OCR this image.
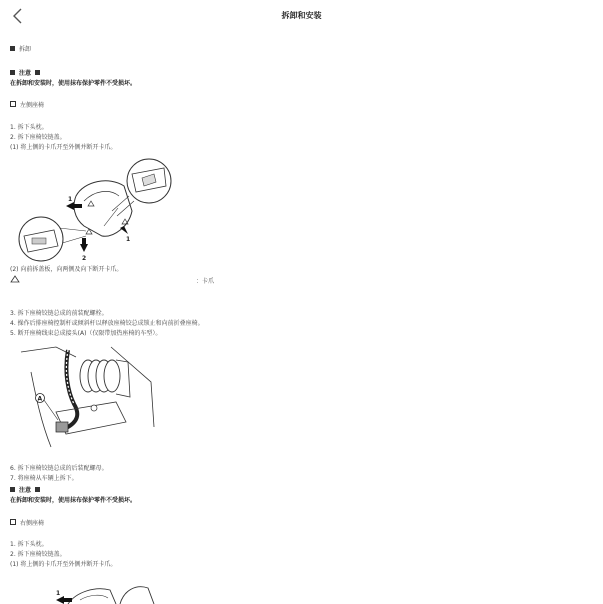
拆卸和安装
拆卸
注意
在拆卸和安装时，使用抹布保护零件不受损坏。
左侧座椅
1. 拆下头枕。
2. 拆下座椅铰链盖。
(1) 将上侧的卡爪开至外侧并断开卡爪。
1
2
1
(2) 向前拆盖板，向两侧及向下断开卡爪。
：卡爪
3. 拆下座椅铰链总成的前装配螺栓。
4. 操作后排座椅控制杆或倾斜杆以释放座椅铰总成锁止和向前折叠座椅。
5. 断开座椅线束总成接头(A)（仅限带加热座椅的车型）。
A
6. 拆下座椅铰链总成的后装配螺母。
7. 将座椅从车辆上拆下。
注意
在拆卸和安装时，使用抹布保护零件不受损坏。
右侧座椅
1. 拆下头枕。
2. 拆下座椅铰链盖。
(1) 将上侧的卡爪开至外侧并断开卡爪。
1
